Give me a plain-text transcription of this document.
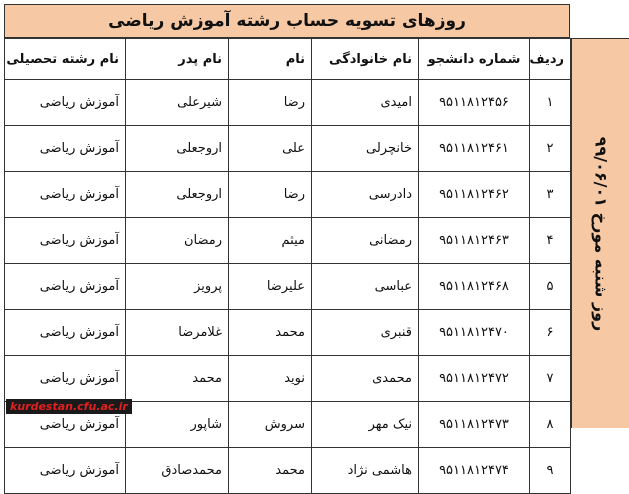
روزهای تسویه حساب رشته آموزش ریاضی
روز شنبه مورخ ۹۹/۰۶/۰۱
ردیف	شماره دانشجو	نام خانوادگی	نام	نام پدر	نام رشته تحصیلی
۱	۹۵۱۱۸۱۲۴۵۶	امیدی	رضا	شیرعلی	آموزش ریاضی
۲	۹۵۱۱۸۱۲۴۶۱	خانچرلی	علی	اروجعلی	آموزش ریاضی
۳	۹۵۱۱۸۱۲۴۶۲	دادرسی	رضا	اروجعلی	آموزش ریاضی
۴	۹۵۱۱۸۱۲۴۶۳	رمضانی	میثم	رمضان	آموزش ریاضی
۵	۹۵۱۱۸۱۲۴۶۸	عباسی	علیرضا	پرویز	آموزش ریاضی
۶	۹۵۱۱۸۱۲۴۷۰	قنبری	محمد	غلامرضا	آموزش ریاضی
۷	۹۵۱۱۸۱۲۴۷۲	محمدی	نوید	محمد	آموزش ریاضی
۸	۹۵۱۱۸۱۲۴۷۳	نیک مهر	سروش	شاپور	آموزش ریاضی
۹	۹۵۱۱۸۱۲۴۷۴	هاشمی نژاد	محمد	محمدصادق	آموزش ریاضی
kurdestan.cfu.ac.ir
